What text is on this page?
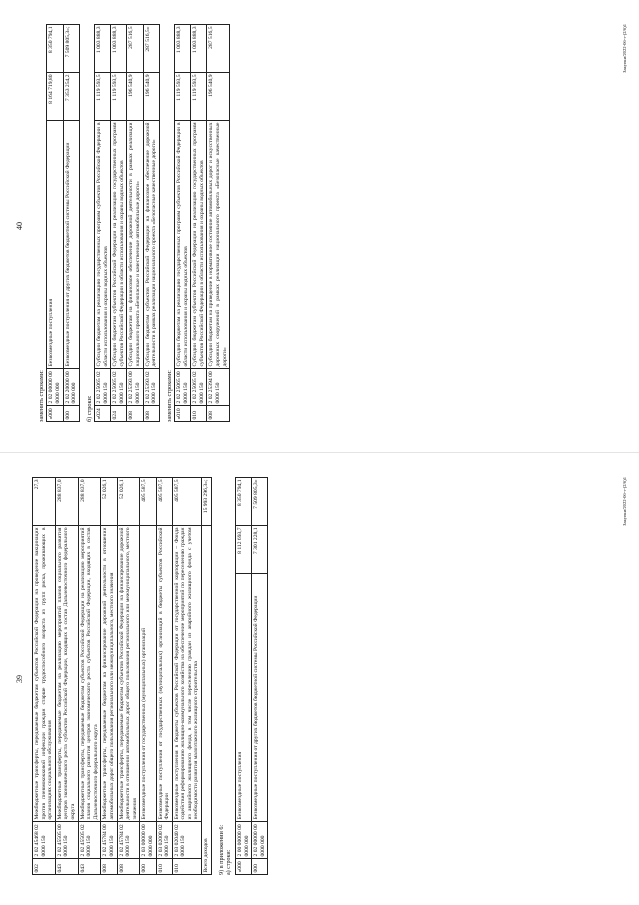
40
заменить строками: «000	2 02 00000 00 0000 000	Безвозмездные поступления	8 164 719,80	8 350 794,1
000	2 02 20000 00 0000 000	Безвозмездные поступления от других бюджетов бюджетной системы Российской Федерации	7 353 254,2	7 509 805,3»;
б) строки: «024	2 02 25065 02 0000 150	Субсидии бюджетам на реализацию государственных программ субъектов Российской Федерации в области использования и охраны водных объектов	1 119 593,5	1 003 888,3
024	2 02 25065 02 0000 150	Субсидии бюджетам субъектов Российской Федерации на реализацию государственных программ субъектов Российской Федерации в области использования и охраны водных объектов	1 119 593,5	1 003 888,3
008	2 02 25393 00 0000 150	Субсидии бюджетам на финансовое обеспечение дорожной деятельности в рамках реализации национального проекта «Безопасные и качественные автомобильные дороги»	196 540,9	287 516,5
008	2 02 25393 02 0000 150	Субсидии бюджетам субъектов Российской Федерации на финансовое обеспечение дорожной деятельности в рамках реализации национального проекта «Безопасные качественные дороги»	196 540,9	287 516,5»
заменить строками: «010	2 02 25065 00 0000 150	Субсидии бюджетам на реализацию государственных программ субъектов Российской Федерации в области использования и охраны водных объектов	1 119 593,5	1 003 888,3
010	2 02 25065 02 0000 150	Субсидии бюджетам субъектов Российской Федерации на реализацию государственных программ субъектов Российской Федерации в области использования и охраны водных объектов	1 119 593,5	1 003 888,3
008	2 02 25394 00 0000 150	Субсидии бюджетам на приведение в нормативное состояние автомобильных дорог и искусственных дорожных сооружений в рамках реализации национального проекта «Безопасные качественные дороги»	196 540,9	287 516,5	Закупки/2022-06-т-(2/6)1
39
002	2 02 45468 02 0000 150	Межбюджетные трансферты, передаваемые бюджетам субъектов Российской Федерации на проведение вакцинации против пневмококковой инфекции граждан старше трудоспособного возраста из групп риска, проживающих в организациях социального обслуживания	27,3
043	2 02 45505 00 0000 150	Межбюджетные трансферты, передаваемые бюджетам на реализацию мероприятий планов социального развития центров экономического роста субъектов Российской Федерации, входящих в состав Дальневосточного федерального округа	288 837,0
043	2 02 45505 02 0000 150	Межбюджетные трансферты, передаваемые бюджетам субъектов Российской Федерации на реализацию мероприятий планов социального развития центров экономического роста субъектов Российской Федерации, входящих в состав Дальневосточного федерального округа	288 837,0
008	2 02 45784 00 0000 150	Межбюджетные трансферты, передаваемые бюджетам на финансирование дорожной деятельности в отношении автомобильных дорог общего пользования регионального или межмуниципального, местного значения	52 026,1
008	2 02 45784 02 0000 150	Межбюджетные трансферты, передаваемые бюджетам субъектов Российской Федерации на финансирование дорожной деятельности в отношении автомобильных дорог общего пользования регионального или межмуниципального, местного значения	52 026,1
000	2 03 00000 00 0000 000	Безвозмездные поступления от государственных (муниципальных) организаций	405 587,5
010	2 03 02000 02 0000 150	Безвозмездные поступления от государственных (муниципальных) организаций в бюджеты субъектов Российской Федерации	405 587,5
010	2 03 02040 02 0000 150	Безвозмездные поступления в бюджеты субъектов Российской Федерации от государственной корпорации – Фонда содействия реформированию жилищно-коммунального хозяйства на обеспечение мероприятий по переселению граждан из аварийного жилищного фонда, в том числе переселению граждан из аварийного жилищного фонда с учетом необходимости развития малоэтажного жилищного строительства	405 587,5
Всего доходов			15 993 296,3»;
9) в приложении 6: а) строки: «000	2 00 00000 00 0000 000	Безвозмездные поступления	8 112 693,7	8 350 794,1
000	2 02 00000 00 0000 000	Безвозмездные поступления от других бюджетов бюджетной системы Российской Федерации	7 301 228,1	7 509 805,3»	Закупки/2022-06-т-(2/6)1
